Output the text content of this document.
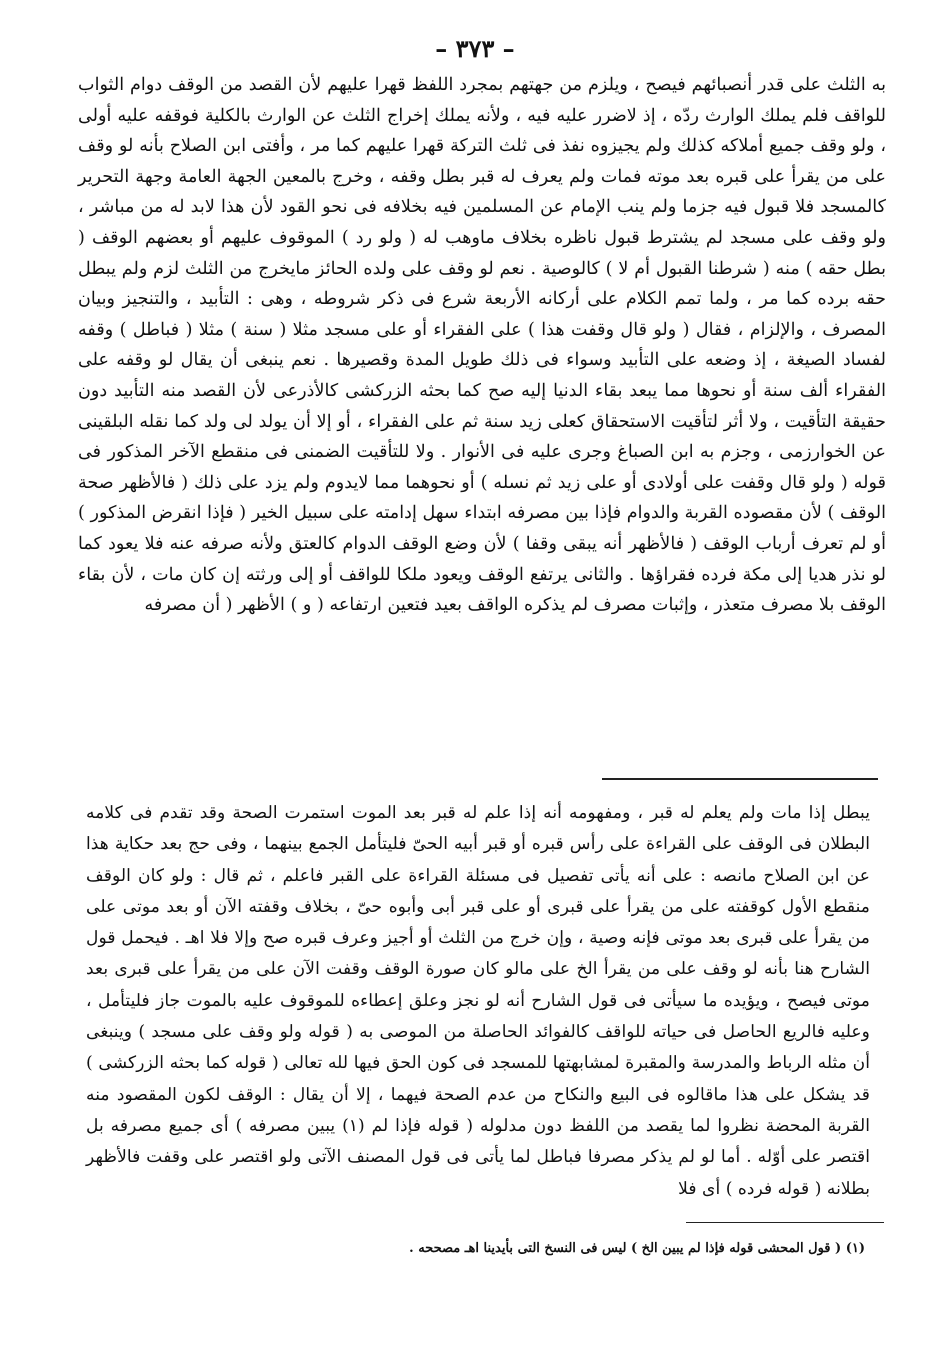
– ٣٧٣ –

به الثلث على قدر أنصبائهم فيصح ، ويلزم من جهتهم بمجرد اللفظ قهرا عليهم لأن القصد من الوقف دوام الثواب للواقف فلم يملك الوارث ردّه ، إذ لاضرر عليه فيه ، ولأنه يملك إخراج الثلث عن الوارث بالكلية فوقفه عليه أولى ، ولو وقف جميع أملاكه كذلك ولم يجيزوه نفذ فى ثلث التركة قهرا عليهم كما مر ، وأفتى ابن الصلاح بأنه لو وقف على من يقرأ على قبره بعد موته فمات ولم يعرف له قبر بطل وقفه ، وخرج بالمعين الجهة العامة وجهة التحرير كالمسجد فلا قبول فيه جزما ولم ينب الإمام عن المسلمين فيه بخلافه فى نحو القود لأن هذا لابد له من مباشر ، ولو وقف على مسجد لم يشترط قبول ناظره بخلاف ماوهب له ( ولو رد ) الموقوف عليهم أو بعضهم الوقف ( بطل حقه ) منه ( شرطنا القبول أم لا ) كالوصية . نعم لو وقف على ولده الحائز مايخرج من الثلث لزم ولم يبطل حقه برده كما مر ، ولما تمم الكلام على أركانه الأربعة شرع فى ذكر شروطه ، وهى : التأبيد ، والتنجيز وبيان المصرف ، والإلزام ، فقال ( ولو قال وقفت هذا ) على الفقراء أو على مسجد مثلا ( سنة ) مثلا ( فباطل ) وقفه لفساد الصيغة ، إذ وضعه على التأبيد وسواء فى ذلك طويل المدة وقصيرها . نعم ينبغى أن يقال لو وقفه على الفقراء ألف سنة أو نحوها مما يبعد بقاء الدنيا إليه صح كما بحثه الزركشى كالأذرعى لأن القصد منه التأبيد دون حقيقة التأقيت ، ولا أثر لتأقيت الاستحقاق كعلى زيد سنة ثم على الفقراء ، أو إلا أن يولد لى ولد كما نقله البلقينى عن الخوارزمى ، وجزم به ابن الصباغ وجرى عليه فى الأنوار . ولا للتأقيت الضمنى فى منقطع الآخر المذكور فى قوله ( ولو قال وقفت على أولادى أو على زيد ثم نسله ) أو نحوهما مما لايدوم ولم يزد على ذلك ( فالأظهر صحة الوقف ) لأن مقصوده القربة والدوام فإذا بين مصرفه ابتداء سهل إدامته على سبيل الخير ( فإذا انقرض المذكور ) أو لم تعرف أرباب الوقف ( فالأظهر أنه يبقى وقفا ) لأن وضع الوقف الدوام كالعتق ولأنه صرفه عنه فلا يعود كما لو نذر هديا إلى مكة فرده فقراؤها . والثانى يرتفع الوقف ويعود ملكا للواقف أو إلى ورثته إن كان مات ، لأن بقاء الوقف بلا مصرف متعذر ، وإثبات مصرف لم يذكره الواقف بعيد فتعين ارتفاعه ( و ) الأظهر ( أن مصرفه

يبطل إذا مات ولم يعلم له قبر ، ومفهومه أنه إذا علم له قبر بعد الموت استمرت الصحة وقد تقدم فى كلامه البطلان فى الوقف على القراءة على رأس قبره أو قبر أبيه الحىّ فليتأمل الجمع بينهما ، وفى حج بعد حكاية هذا عن ابن الصلاح مانصه : على أنه يأتى تفصيل فى مسئلة القراءة على القبر فاعلم ، ثم قال : ولو كان الوقف منقطع الأول كوقفته على من يقرأ على قبرى أو على قبر أبى وأبوه حىّ ، بخلاف وقفته الآن أو بعد موتى على من يقرأ على قبرى بعد موتى فإنه وصية ، وإن خرج من الثلث أو أجيز وعرف قبره صح وإلا فلا اهـ . فيحمل قول الشارح هنا بأنه لو وقف على من يقرأ الخ على مالو كان صورة الوقف وقفت الآن على من يقرأ على قبرى بعد موتى فيصح ، ويؤيده ما سيأتى فى قول الشارح أنه لو نجز وعلق إعطاءه للموقوف عليه بالموت جاز فليتأمل ، وعليه فالريع الحاصل فى حياته للواقف كالفوائد الحاصلة من الموصى به ( قوله ولو وقف على مسجد ) وينبغى أن مثله الرباط والمدرسة والمقبرة لمشابهتها للمسجد فى كون الحق فيها لله تعالى ( قوله كما بحثه الزركشى ) قد يشكل على هذا ماقالوه فى البيع والنكاح من عدم الصحة فيهما ، إلا أن يقال : الوقف لكون المقصود منه القربة المحضة نظروا لما يقصد من اللفظ دون مدلوله ( قوله فإذا لم (١) يبين مصرفه ) أى جميع مصرفه بل اقتصر على أوّله . أما لو لم يذكر مصرفا فباطل لما يأتى فى قول المصنف الآتى ولو اقتصر على وقفت فالأظهر بطلانه ( قوله فرده ) أى فلا

(١) ( قول المحشى قوله فإذا لم يبين الخ ) ليس فى النسخ التى بأيدينا اهـ مصححه .
